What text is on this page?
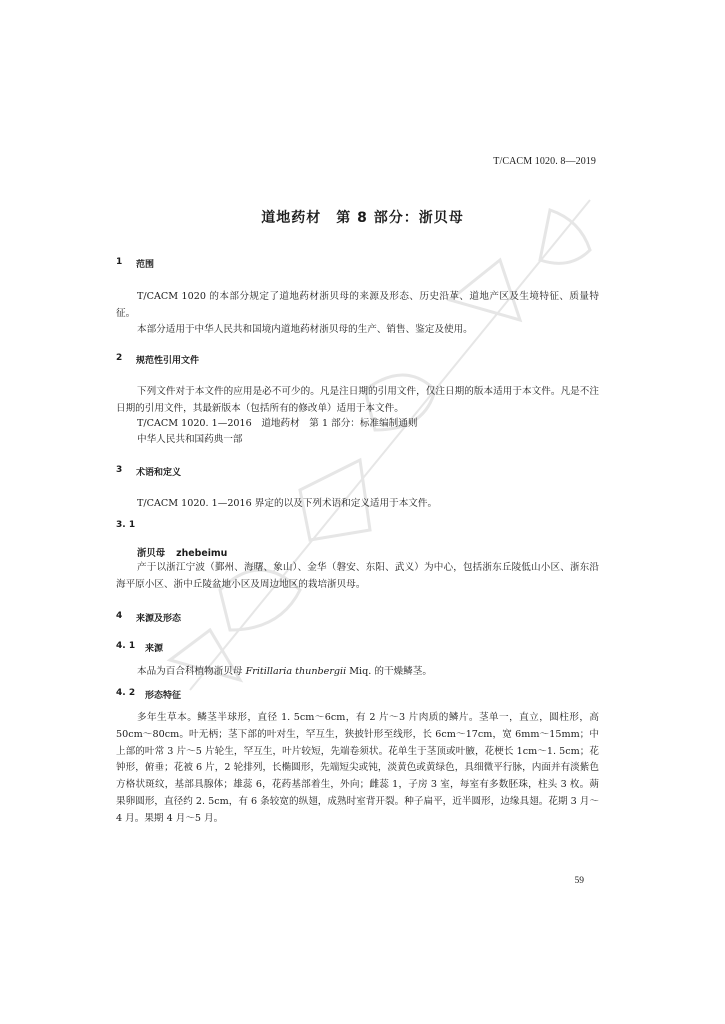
T/CACM 1020. 8—2019
道地药材　第 8 部分：浙贝母
1	范围

T/CACM 1020 的本部分规定了道地药材浙贝母的来源及形态、历史沿革、道地产区及生境特征、质量特征。

本部分适用于中华人民共和国境内道地药材浙贝母的生产、销售、鉴定及使用。

2	规范性引用文件

下列文件对于本文件的应用是必不可少的。凡是注日期的引用文件，仅注日期的版本适用于本文件。凡是不注日期的引用文件，其最新版本（包括所有的修改单）适用于本文件。

T/CACM 1020. 1—2016　道地药材　第 1 部分：标准编制通则
中华人民共和国药典一部
3	术语和定义
T/CACM 1020. 1—2016 界定的以及下列术语和定义适用于本文件。
3. 1
浙贝母 zhebeimu

产于以浙江宁波（鄞州、海曙、象山）、金华（磐安、东阳、武义）为中心，包括浙东丘陵低山小区、浙东沿海平原小区、浙中丘陵盆地小区及周边地区的栽培浙贝母。

4	来源及形态
4. 1	来源
本品为百合科植物浙贝母 Fritillaria thunbergii Miq. 的干燥鳞茎。
4. 2	形态特征

多年生草本。鳞茎半球形，直径 1. 5cm～6cm，有 2 片～3 片肉质的鳞片。茎单一，直立，圆柱形，高 50cm～80cm。叶无柄；茎下部的叶对生，罕互生，狭披针形至线形，长 6cm～17cm，宽 6mm～15mm；中上部的叶常 3 片～5 片轮生，罕互生，叶片较短，先端卷须状。花单生于茎顶或叶腋，花梗长 1cm～1. 5cm；花钟形，俯垂；花被 6 片，2 轮排列，长椭圆形，先端短尖或钝，淡黄色或黄绿色，具细微平行脉，内面并有淡紫色方格状斑纹，基部具腺体；雄蕊 6，花药基部着生，外向；雌蕊 1，子房 3 室，每室有多数胚珠，柱头 3 枚。蒴果卵圆形，直径约 2. 5cm，有 6 条较宽的纵翅，成熟时室背开裂。种子扁平，近半圆形，边缘具翅。花期 3 月～4 月。果期 4 月～5 月。

59
